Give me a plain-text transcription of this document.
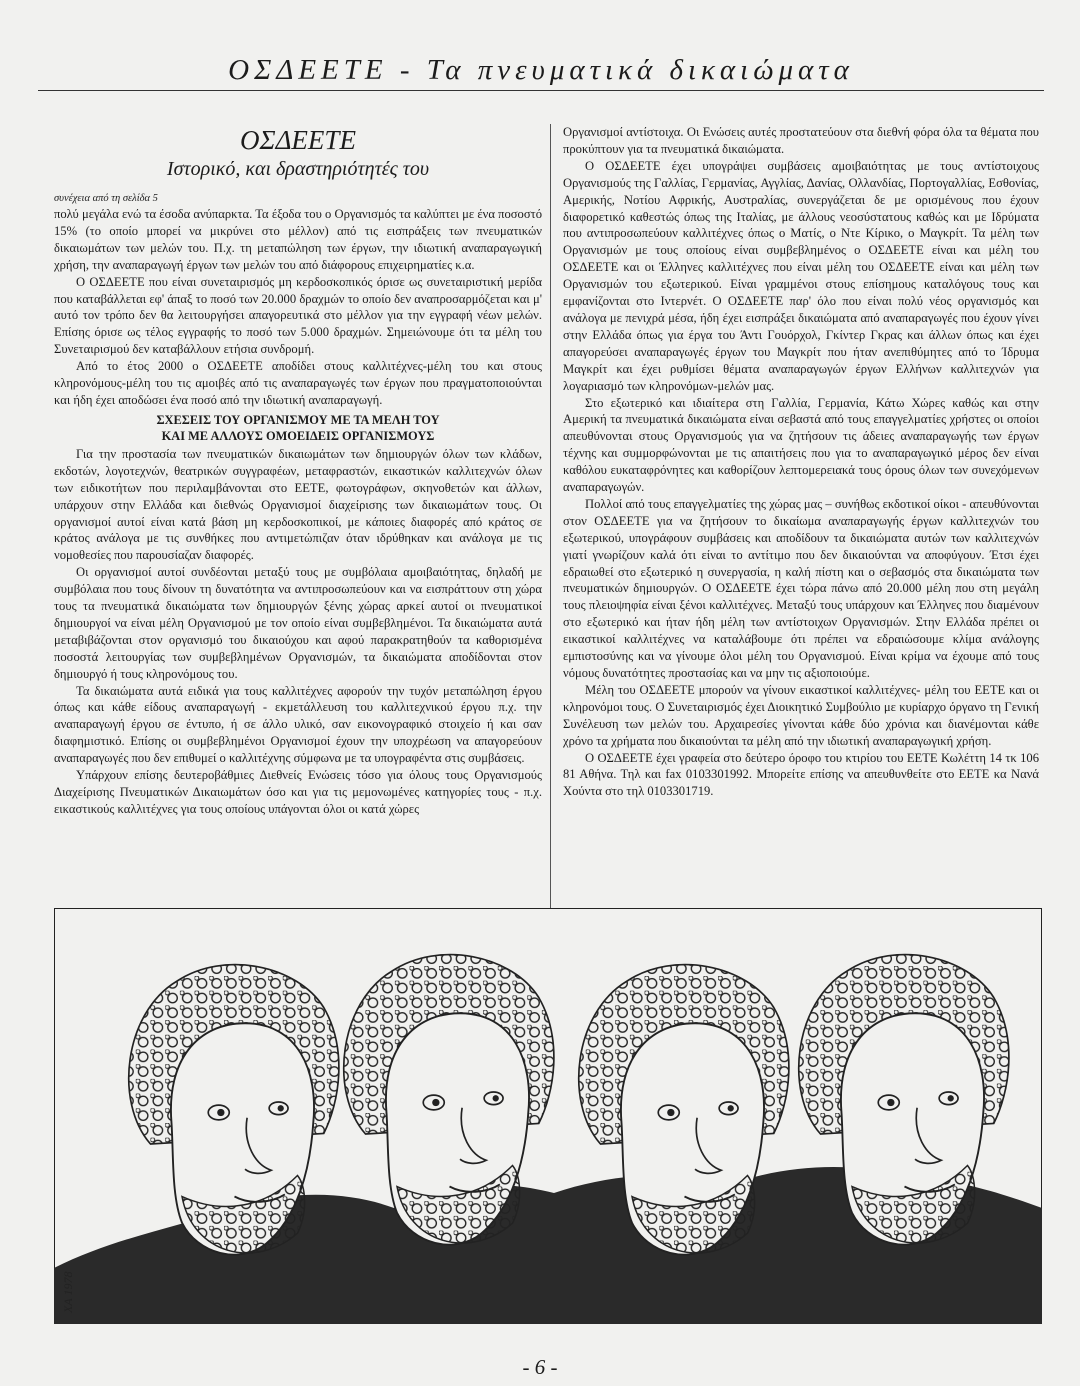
ΟΣΔΕΕΤΕ - Τα πνευματικά δικαιώματα
ΟΣΔΕΕΤΕ
Ιστορικό, και δραστηριότητές του
συνέχεια από τη σελίδα 5

πολύ μεγάλα ενώ τα έσοδα ανύπαρκτα. Τα έξοδα του ο Οργανισμός τα καλύπτει με ένα ποσοστό 15% (το οποίο μπορεί να μικρύνει στο μέλλον) από τις εισπράξεις των πνευματικών δικαιωμάτων των μελών του. Π.χ. τη μεταπώληση των έργων, την ιδιωτική αναπαραγωγική χρήση, την αναπαραγωγή έργων των μελών του από διάφορους επιχειρηματίες κ.α.

Ο ΟΣΔΕΕΤΕ που είναι συνεταιρισμός μη κερδοσκοπικός όρισε ως συνεταιριστική μερίδα που καταβάλλεται εφ' άπαξ το ποσό των 20.000 δραχμών το οποίο δεν αναπροσαρμόζεται και μ' αυτό τον τρόπο δεν θα λειτουργήσει απαγορευτικά στο μέλλον για την εγγραφή νέων μελών. Επίσης όρισε ως τέλος εγγραφής το ποσό των 5.000 δραχμών. Σημειώνουμε ότι τα μέλη του Συνεταιρισμού δεν καταβάλλουν ετήσια συνδρομή.

Από το έτος 2000 ο ΟΣΔΕΕΤΕ αποδίδει στους καλλιτέχνες-μέλη του και στους κληρονόμους-μέλη του τις αμοιβές από τις αναπαραγωγές των έργων που πραγματοποιούνται και ήδη έχει αποδώσει ένα ποσό από την ιδιωτική αναπαραγωγή.

ΣΧΕΣΕΙΣ ΤΟΥ ΟΡΓΑΝΙΣΜΟΥ ΜΕ ΤΑ ΜΕΛΗ ΤΟΥ
ΚΑΙ ΜΕ ΑΛΛΟΥΣ ΟΜΟΕΙΔΕΙΣ ΟΡΓΑΝΙΣΜΟΥΣ

Για την προστασία των πνευματικών δικαιωμάτων των δημιουργών όλων των κλάδων, εκδοτών, λογοτεχνών, θεατρικών συγγραφέων, μεταφραστών, εικαστικών καλλιτεχνών όλων των ειδικοτήτων που περιλαμβάνονται στο ΕΕΤΕ, φωτογράφων, σκηνοθετών και άλλων, υπάρχουν στην Ελλάδα και διεθνώς Οργανισμοί διαχείρισης των δικαιωμάτων τους. Οι οργανισμοί αυτοί είναι κατά βάση μη κερδοσκοπικοί, με κάποιες διαφορές από κράτος σε κράτος ανάλογα με τις συνθήκες που αντιμετώπιζαν όταν ιδρύθηκαν και ανάλογα με τις νομοθεσίες που παρουσίαζαν διαφορές.

Οι οργανισμοί αυτοί συνδέονται μεταξύ τους με συμβόλαια αμοιβαιότητας, δηλαδή με συμβόλαια που τους δίνουν τη δυνατότητα να αντιπροσωπεύουν και να εισπράττουν στη χώρα τους τα πνευματικά δικαιώματα των δημιουργών ξένης χώρας αρκεί αυτοί οι πνευματικοί δημιουργοί να είναι μέλη Οργανισμού με τον οποίο είναι συμβεβλημένοι. Τα δικαιώματα αυτά μεταβιβάζονται στον οργανισμό του δικαιούχου και αφού παρακρατηθούν τα καθορισμένα ποσοστά λειτουργίας των συμβεβλημένων Οργανισμών, τα δικαιώματα αποδίδονται στον δημιουργό ή τους κληρονόμους του.

Τα δικαιώματα αυτά ειδικά για τους καλλιτέχνες αφορούν την τυχόν μεταπώληση έργου όπως και κάθε είδους αναπαραγωγή - εκμετάλλευση του καλλιτεχνικού έργου π.χ. την αναπαραγωγή έργου σε έντυπο, ή σε άλλο υλικό, σαν εικονογραφικό στοιχείο ή και σαν διαφημιστικό. Επίσης οι συμβεβλημένοι Οργανισμοί έχουν την υποχρέωση να απαγορεύουν αναπαραγωγές που δεν επιθυμεί ο καλλιτέχνης σύμφωνα με τα υπογραφέντα στις συμβάσεις.

Υπάρχουν επίσης δευτεροβάθμιες Διεθνείς Ενώσεις τόσο για όλους τους Οργανισμούς Διαχείρισης Πνευματικών Δικαιωμάτων όσο και για τις μεμονωμένες κατηγορίες τους - π.χ. εικαστικούς καλλιτέχνες για τους οποίους υπάγονται όλοι οι κατά χώρες

Οργανισμοί αντίστοιχα. Οι Ενώσεις αυτές προστατεύουν στα διεθνή φόρα όλα τα θέματα που προκύπτουν για τα πνευματικά δικαιώματα.

Ο ΟΣΔΕΕΤΕ έχει υπογράψει συμβάσεις αμοιβαιότητας με τους αντίστοιχους Οργανισμούς της Γαλλίας, Γερμανίας, Αγγλίας, Δανίας, Ολλανδίας, Πορτογαλλίας, Εσθονίας, Αμερικής, Νοτίου Αφρικής, Αυστραλίας, συνεργάζεται δε με ορισμένους που έχουν διαφορετικό καθεστώς όπως της Ιταλίας, με άλλους νεοσύστατους καθώς και με Ιδρύματα που αντιπροσωπεύουν καλλιτέχνες όπως ο Ματίς, ο Ντε Κίρικο, ο Μαγκρίτ. Τα μέλη των Οργανισμών με τους οποίους είναι συμβεβλημένος ο ΟΣΔΕΕΤΕ είναι και μέλη του ΟΣΔΕΕΤΕ και οι Έλληνες καλλιτέχνες που είναι μέλη του ΟΣΔΕΕΤΕ είναι και μέλη των Οργανισμών του εξωτερικού. Είναι γραμμένοι στους επίσημους καταλόγους τους και εμφανίζονται στο Ιντερνέτ. Ο ΟΣΔΕΕΤΕ παρ' όλο που είναι πολύ νέος οργανισμός και ανάλογα με πενιχρά μέσα, ήδη έχει εισπράξει δικαιώματα από αναπαραγωγές που έχουν γίνει στην Ελλάδα όπως για έργα του Άντι Γουόρχολ, Γκίντερ Γκρας και άλλων όπως και έχει απαγορεύσει αναπαραγωγές έργων του Μαγκρίτ που ήταν ανεπιθύμητες από το Ίδρυμα Μαγκρίτ και έχει ρυθμίσει θέματα αναπαραγωγών έργων Ελλήνων καλλιτεχνών για λογαριασμό των κληρονόμων-μελών μας.

Στο εξωτερικό και ιδιαίτερα στη Γαλλία, Γερμανία, Κάτω Χώρες καθώς και στην Αμερική τα πνευματικά δικαιώματα είναι σεβαστά από τους επαγγελματίες χρήστες οι οποίοι απευθύνονται στους Οργανισμούς για να ζητήσουν τις άδειες αναπαραγωγής των έργων τέχνης και συμμορφώνονται με τις απαιτήσεις που για το αναπαραγωγικό μέρος δεν είναι καθόλου ευκαταφρόνητες και καθορίζουν λεπτομερειακά τους όρους όλων των συνεχόμενων αναπαραγωγών.

Πολλοί από τους επαγγελματίες της χώρας μας – συνήθως εκδοτικοί οίκοι - απευθύνονται στον ΟΣΔΕΕΤΕ για να ζητήσουν το δικαίωμα αναπαραγωγής έργων καλλιτεχνών του εξωτερικού, υπογράφουν συμβάσεις και αποδίδουν τα δικαιώματα αυτών των καλλιτεχνών γιατί γνωρίζουν καλά ότι είναι το αντίτιμο που δεν δικαιούνται να αποφύγουν. Έτσι έχει εδραιωθεί στο εξωτερικό η συνεργασία, η καλή πίστη και ο σεβασμός στα δικαιώματα των πνευματικών δημιουργών. Ο ΟΣΔΕΕΤΕ έχει τώρα πάνω από 20.000 μέλη που στη μεγάλη τους πλειοψηφία είναι ξένοι καλλιτέχνες. Μεταξύ τους υπάρχουν και Έλληνες που διαμένουν στο εξωτερικό και ήταν ήδη μέλη των αντίστοιχων Οργανισμών. Στην Ελλάδα πρέπει οι εικαστικοί καλλιτέχνες να καταλάβουμε ότι πρέπει να εδραιώσουμε κλίμα ανάλογης εμπιστοσύνης και να γίνουμε όλοι μέλη του Οργανισμού. Είναι κρίμα να έχουμε από τους νόμους δυνατότητες προστασίας και να μην τις αξιοποιούμε.

Μέλη του ΟΣΔΕΕΤΕ μπορούν να γίνουν εικαστικοί καλλιτέχνες- μέλη του ΕΕΤΕ και οι κληρονόμοι τους. Ο Συνεταιρισμός έχει Διοικητικό Συμβούλιο με κυρίαρχο όργανο τη Γενική Συνέλευση των μελών του. Αρχαιρεσίες γίνονται κάθε δύο χρόνια και διανέμονται κάθε χρόνο τα χρήματα που δικαιούνται τα μέλη από την ιδιωτική αναπαραγωγική χρήση.

Ο ΟΣΔΕΕΤΕ έχει γραφεία στο δεύτερο όροφο του κτιρίου του ΕΕΤΕ Κωλέττη 14 τκ 106 81 Αθήνα. Τηλ και fax 0103301992. Μπορείτε επίσης να απευθυνθείτε στο ΕΕΤΕ κα Νανά Χούντα στο τηλ 0103301719.

ΧΑ 1978
- 6 -
